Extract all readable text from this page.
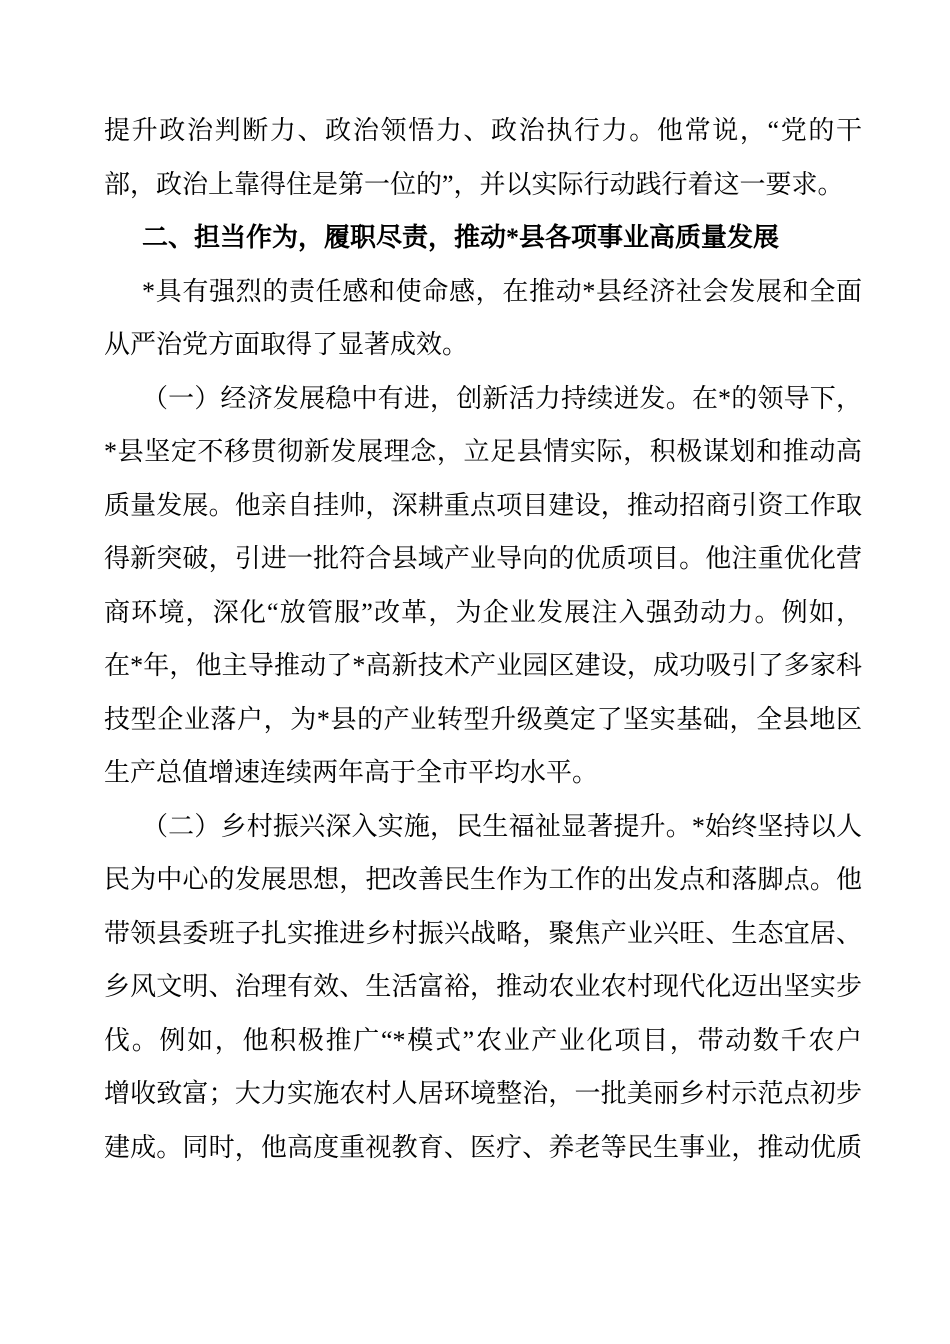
提升政治判断力、政治领悟力、政治执行力。他常说，“党的干
部，政治上靠得住是第一位的”，并以实际行动践行着这一要求。
二、担当作为，履职尽责，推动*县各项事业高质量发展
*具有强烈的责任感和使命感，在推动*县经济社会发展和全面
从严治党方面取得了显著成效。
（一）经济发展稳中有进，创新活力持续迸发。在*的领导下，
*县坚定不移贯彻新发展理念，立足县情实际，积极谋划和推动高
质量发展。他亲自挂帅，深耕重点项目建设，推动招商引资工作取
得新突破，引进一批符合县域产业导向的优质项目。他注重优化营
商环境，深化“放管服”改革，为企业发展注入强劲动力。例如，
在*年，他主导推动了*高新技术产业园区建设，成功吸引了多家科
技型企业落户，为*县的产业转型升级奠定了坚实基础，全县地区
生产总值增速连续两年高于全市平均水平。
（二）乡村振兴深入实施，民生福祉显著提升。*始终坚持以人
民为中心的发展思想，把改善民生作为工作的出发点和落脚点。他
带领县委班子扎实推进乡村振兴战略，聚焦产业兴旺、生态宜居、
乡风文明、治理有效、生活富裕，推动农业农村现代化迈出坚实步
伐。例如，他积极推广“*模式”农业产业化项目，带动数千农户
增收致富；大力实施农村人居环境整治，一批美丽乡村示范点初步
建成。同时，他高度重视教育、医疗、养老等民生事业，推动优质
